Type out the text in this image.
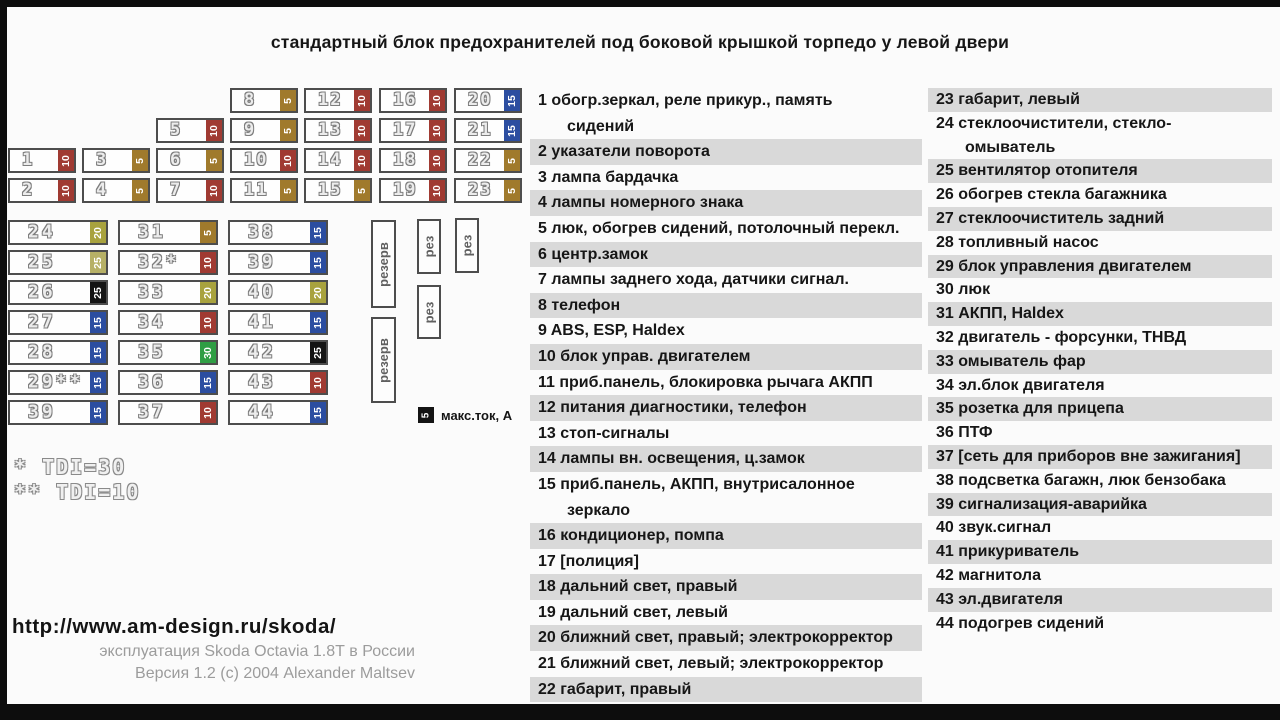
стандартный блок предохранителей под боковой крышкой торпедо у левой двери
1 10
2 10
3 5
4 5
5 10
6 5
7 10
8 5
9 5
10 10
11 5
12 10
13 10
14 10
15 5
16 10
17 10
18 10
19 10
20 15
21 15
22 5
23 5
24	20
25	25
26	25
27	15
28	15
29** 15
39	15
31	5
32* 10
33	20
34	10
35	30
36	15
37	10
38	15
39	15
40	20
41	15
42	25
43	10
44	15
резерв
резерв
рез рез
рез
5 макс.ток, А
1 обогр.зеркал, реле прикур., память
сидений
2 указатели поворота
3 лампа бардачка
4 лампы номерного знака
5 люк, обогрев сидений, потолочный перекл.
6 центр.замок
7 лампы заднего хода, датчики сигнал.
8 телефон
9 ABS, ESP, Haldex
10 блок управ. двигателем
11 приб.панель, блокировка рычага АКПП
12 питания диагностики, телефон
13 стоп-сигналы
14 лампы вн. освещения, ц.замок
15 приб.панель, АКПП, внутрисалонное
зеркало
16 кондиционер, помпа
17 [полиция]
18 дальний свет, правый
19 дальний свет, левый
20 ближний свет, правый; электрокорректор
21 ближний свет, левый; электрокорректор
22 габарит, правый
23 габарит, левый
24 стеклоочистители, стекло-
омыватель
25 вентилятор отопителя
26 обогрев стекла багажника
27 стеклоочиститель задний
28 топливный насос
29 блок управления двигателем
30 люк
31 АКПП, Haldex
32 двигатель - форсунки, ТНВД
33 омыватель фар
34 эл.блок двигателя
35 розетка для прицепа
36 ПТФ
37 [сеть для приборов вне зажигания]
38 подсветка багажн, люк бензобака
39 сигнализация-аварийка
40 звук.сигнал
41 прикуриватель
42 магнитола
43 эл.двигателя
44 подогрев сидений
* TDI=30
** TDI=10
http://www.am-design.ru/skoda/
эксплуатация Skoda Octavia 1.8Т в России
Версия 1.2 (c) 2004 Alexander Maltsev
